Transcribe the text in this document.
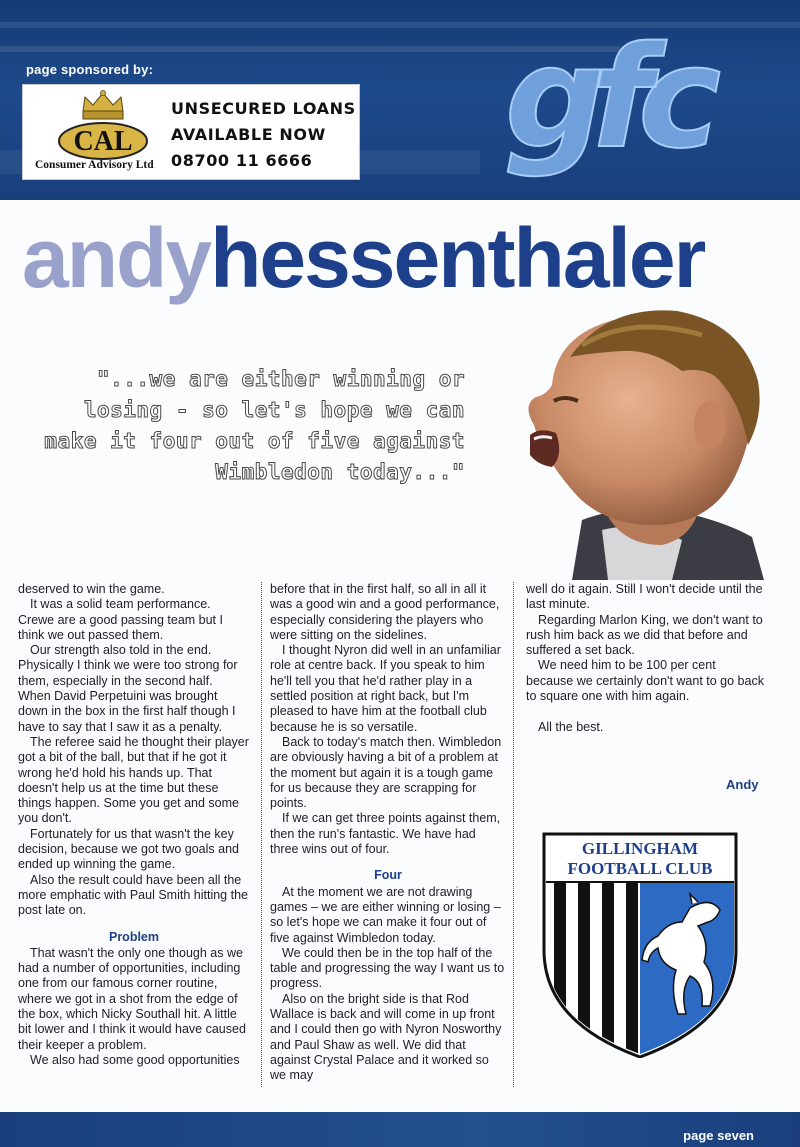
page sponsored by:
CAL
Consumer Advisory Ltd
UNSECURED LOANS
AVAILABLE NOW
08700 11 6666 gfc
andyhessenthaler
"...we are either winning or
losing - so let's hope we can
make it four out of five against
Wimbledon today..."

deserved to win the game.

It was a solid team performance. Crewe are a good passing team but I think we out passed them.

Our strength also told in the end. Physically I think we were too strong for them, especially in the second half.

When David Perpetuini was brought down in the box in the first half though I have to say that I saw it as a penalty.

The referee said he thought their player got a bit of the ball, but that if he got it wrong he'd hold his hands up. That doesn't help us at the time but these things happen. Some you get and some you don't.

Fortunately for us that wasn't the key decision, because we got two goals and ended up winning the game.

Also the result could have been all the more emphatic with Paul Smith hitting the post late on.

Problem

That wasn't the only one though as we had a number of opportunities, including one from our famous corner routine, where we got in a shot from the edge of the box, which Nicky Southall hit. A little bit lower and I think it would have caused their keeper a problem.

We also had some good opportunities

before that in the first half, so all in all it was a good win and a good performance, especially considering the players who were sitting on the sidelines.

I thought Nyron did well in an unfamiliar role at centre back. If you speak to him he'll tell you that he'd rather play in a settled position at right back, but I'm pleased to have him at the football club because he is so versatile.

Back to today's match then. Wimbledon are obviously having a bit of a problem at the moment but again it is a tough game for us because they are scrapping for points.

If we can get three points against them, then the run's fantastic. We have had three wins out of four.

Four

At the moment we are not drawing games – we are either winning or losing – so let's hope we can make it four out of five against Wimbledon today.

We could then be in the top half of the table and progressing the way I want us to progress.

Also on the bright side is that Rod Wallace is back and will come in up front and I could then go with Nyron Nosworthy and Paul Shaw as well. We did that against Crystal Palace and it worked so we may

well do it again. Still I won't decide until the last minute.

Regarding Marlon King, we don't want to rush him back as we did that before and suffered a set back.

We need him to be 100 per cent because we certainly don't want to go back to square one with him again.

All the best.

Andy
GILLINGHAM
FOOTBALL CLUB
page seven
